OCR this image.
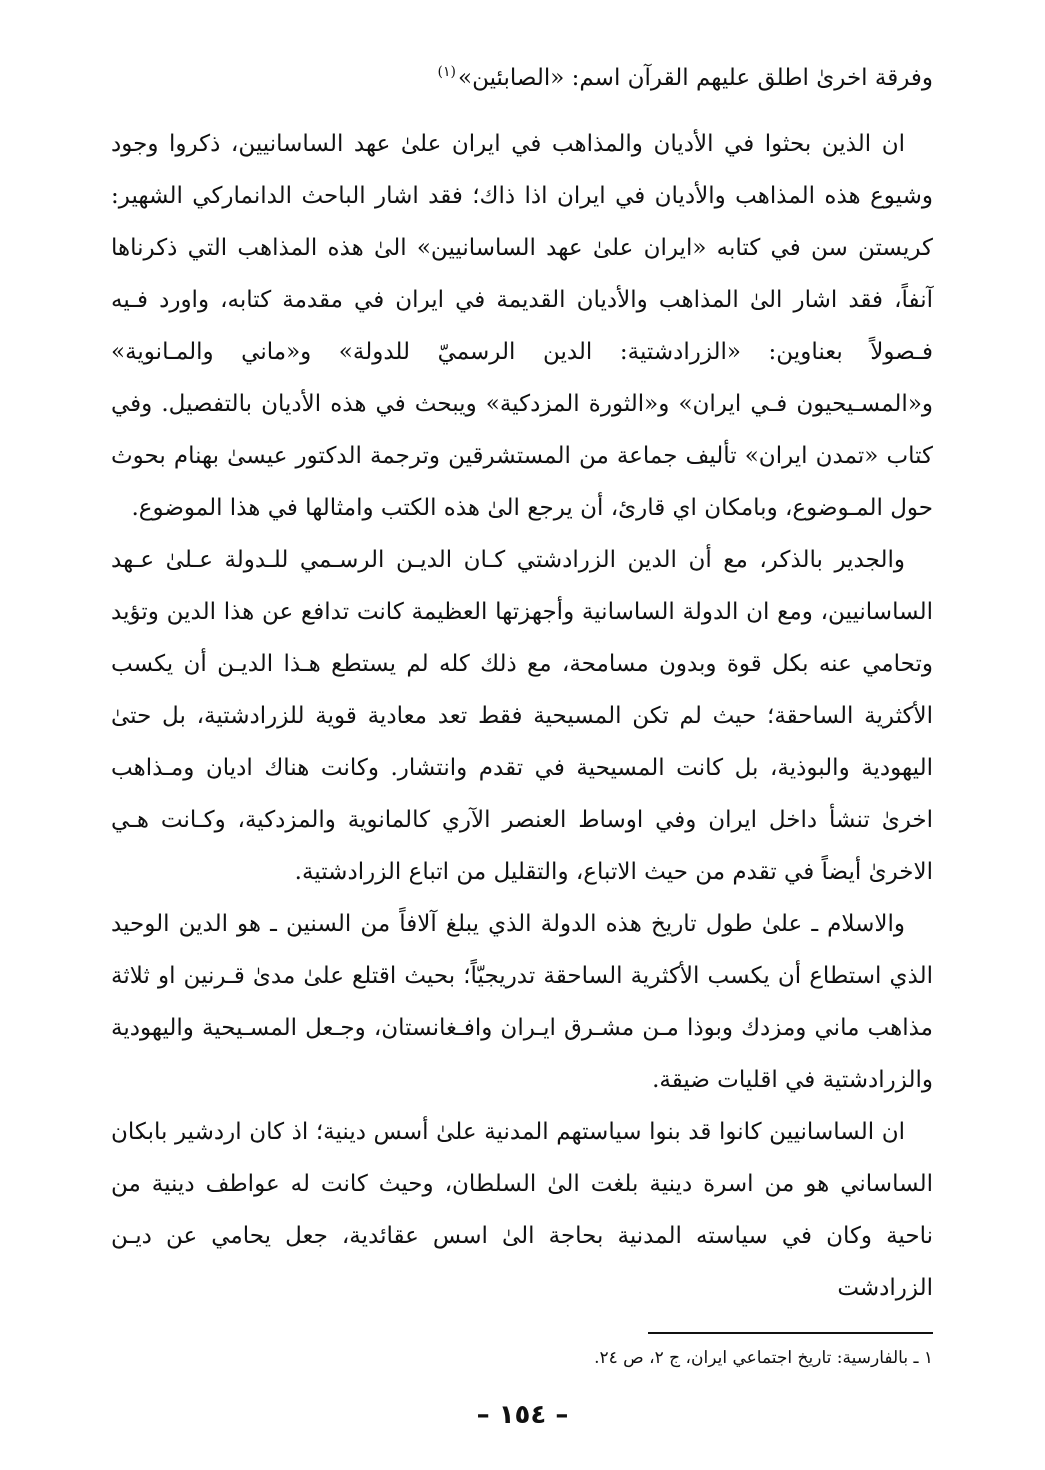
وفرقة اخرىٰ اطلق عليهم القرآن اسم: «الصابئين»$^{(١)}$

ان الذين بحثوا في الأديان والمذاهب في ايران علىٰ عهد الساسانيين، ذكروا وجود وشيوع هذه المذاهب والأديان في ايران اذا ذاك؛ فقد اشار الباحث الدانماركي الشهير: كريستن سن في كتابه «ايران علىٰ عهد الساسانيين» الىٰ هذه المذاهب التي ذكرناها آنفاً، فقد اشار الىٰ المذاهب والأديان القديمة في ايران في مقدمة كتابه، واورد فـيه فـصولاً بعناوين: «الزرادشتية: الدين الرسميّ للدولة» و«ماني والمـانوية» و«المسـيحيون فـي ايران» و«الثورة المزدكية» ويبحث في هذه الأديان بالتفصيل. وفي كتاب «تمدن ايران» تأليف جماعة من المستشرقين وترجمة الدكتور عيسىٰ بهنام بحوث حول المـوضوع، وبامكان اي قارئ، أن يرجع الىٰ هذه الكتب وامثالها في هذا الموضوع.

والجدير بالذكر، مع أن الدين الزرادشتي كـان الديـن الرسـمي للـدولة عـلىٰ عـهد الساسانيين، ومع ان الدولة الساسانية وأجهزتها العظيمة كانت تدافع عن هذا الدين وتؤيد وتحامي عنه بكل قوة وبدون مسامحة، مع ذلك كله لم يستطع هـذا الديـن أن يكسب الأكثرية الساحقة؛ حيث لم تكن المسيحية فقط تعد معادية قوية للزرادشتية، بل حتىٰ اليهودية والبوذية، بل كانت المسيحية في تقدم وانتشار. وكانت هناك اديان ومـذاهب اخرىٰ تنشأ داخل ايران وفي اوساط العنصر الآري كالمانوية والمزدكية، وكـانت هـي الاخرىٰ أيضاً في تقدم من حيث الاتباع، والتقليل من اتباع الزرادشتية.

والاسلام ـ علىٰ طول تاريخ هذه الدولة الذي يبلغ آلافاً من السنين ـ هو الدين الوحيد الذي استطاع أن يكسب الأكثرية الساحقة تدريجيّاً؛ بحيث اقتلع علىٰ مدىٰ قـرنين او ثلاثة مذاهب ماني ومزدك وبوذا مـن مشـرق ايـران وافـغانستان، وجـعل المسـيحية واليهودية والزرادشتية في اقليات ضيقة.

ان الساسانيين كانوا قد بنوا سياستهم المدنية علىٰ أسس دينية؛ اذ كان اردشير بابكان الساساني هو من اسرة دينية بلغت الىٰ السلطان، وحيث كانت له عواطف دينية من ناحية وكان في سياسته المدنية بحاجة الىٰ اسس عقائدية، جعل يحامي عن ديـن الزرادشت

١ ـ بالفارسية: تاريخ اجتماعي ايران، ج ٢، ص ٢٤.
– ١٥٤ –
